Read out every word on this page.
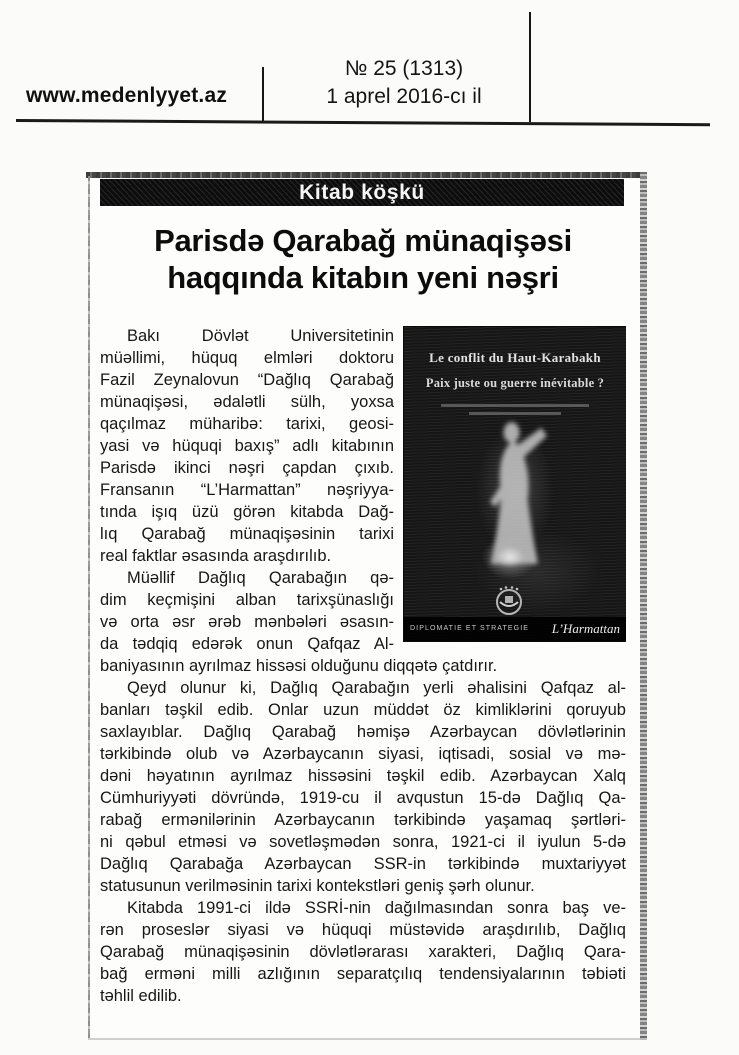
www.medenlyyet.az
№ 25 (1313)
1 aprel 2016-cı il
Kitab köşkü
Parisdə Qarabağ münaqişəsi
haqqında kitabın yeni nəşri
Le conflit du Haut-Karabakh
Paix juste ou guerre inévitable ?
DIPLOMATIE ET STRATEGIE L’Harmattan
Bakı Dövlət Universitetinin
müəllimi, hüquq elmləri doktoru
Fazil Zeynalovun “Dağlıq Qarabağ
münaqişəsi, ədalətli sülh, yoxsa
qaçılmaz müharibə: tarixi, geosi-
yasi və hüquqi baxış” adlı kitabının
Parisdə ikinci nəşri çapdan çıxıb.
Fransanın “L’Harmattan” nəşriyya-
tında işıq üzü görən kitabda Dağ-
lıq Qarabağ münaqişəsinin tarixi
real faktlar əsasında araşdırılıb.
Müəllif Dağlıq Qarabağın qə-
dim keçmişini alban tarixşünaslığı
və orta əsr ərəb mənbələri əsasın-
da tədqiq edərək onun Qafqaz Al-
baniyasının ayrılmaz hissəsi olduğunu diqqətə çatdırır.
Qeyd olunur ki, Dağlıq Qarabağın yerli əhalisini Qafqaz al-
banları təşkil edib. Onlar uzun müddət öz kimliklərini qoruyub
saxlayıblar. Dağlıq Qarabağ həmişə Azərbaycan dövlətlərinin
tərkibində olub və Azərbaycanın siyasi, iqtisadi, sosial və mə-
dəni həyatının ayrılmaz hissəsini təşkil edib. Azərbaycan Xalq
Cümhuriyyəti dövründə, 1919-cu il avqustun 15-də Dağlıq Qa-
rabağ ermənilərinin Azərbaycanın tərkibində yaşamaq şərtləri-
ni qəbul etməsi və sovetləşmədən sonra, 1921-ci il iyulun 5-də
Dağlıq Qarabağa Azərbaycan SSR-in tərkibində muxtariyyət
statusunun verilməsinin tarixi kontekstləri geniş şərh olunur.
Kitabda 1991-ci ildə SSRİ-nin dağılmasından sonra baş ve-
rən proseslər siyasi və hüquqi müstəvidə araşdırılıb, Dağlıq
Qarabağ münaqişəsinin dövlətlərarası xarakteri, Dağlıq Qara-
bağ erməni milli azlığının separatçılıq tendensiyalarının təbiəti
təhlil edilib.
